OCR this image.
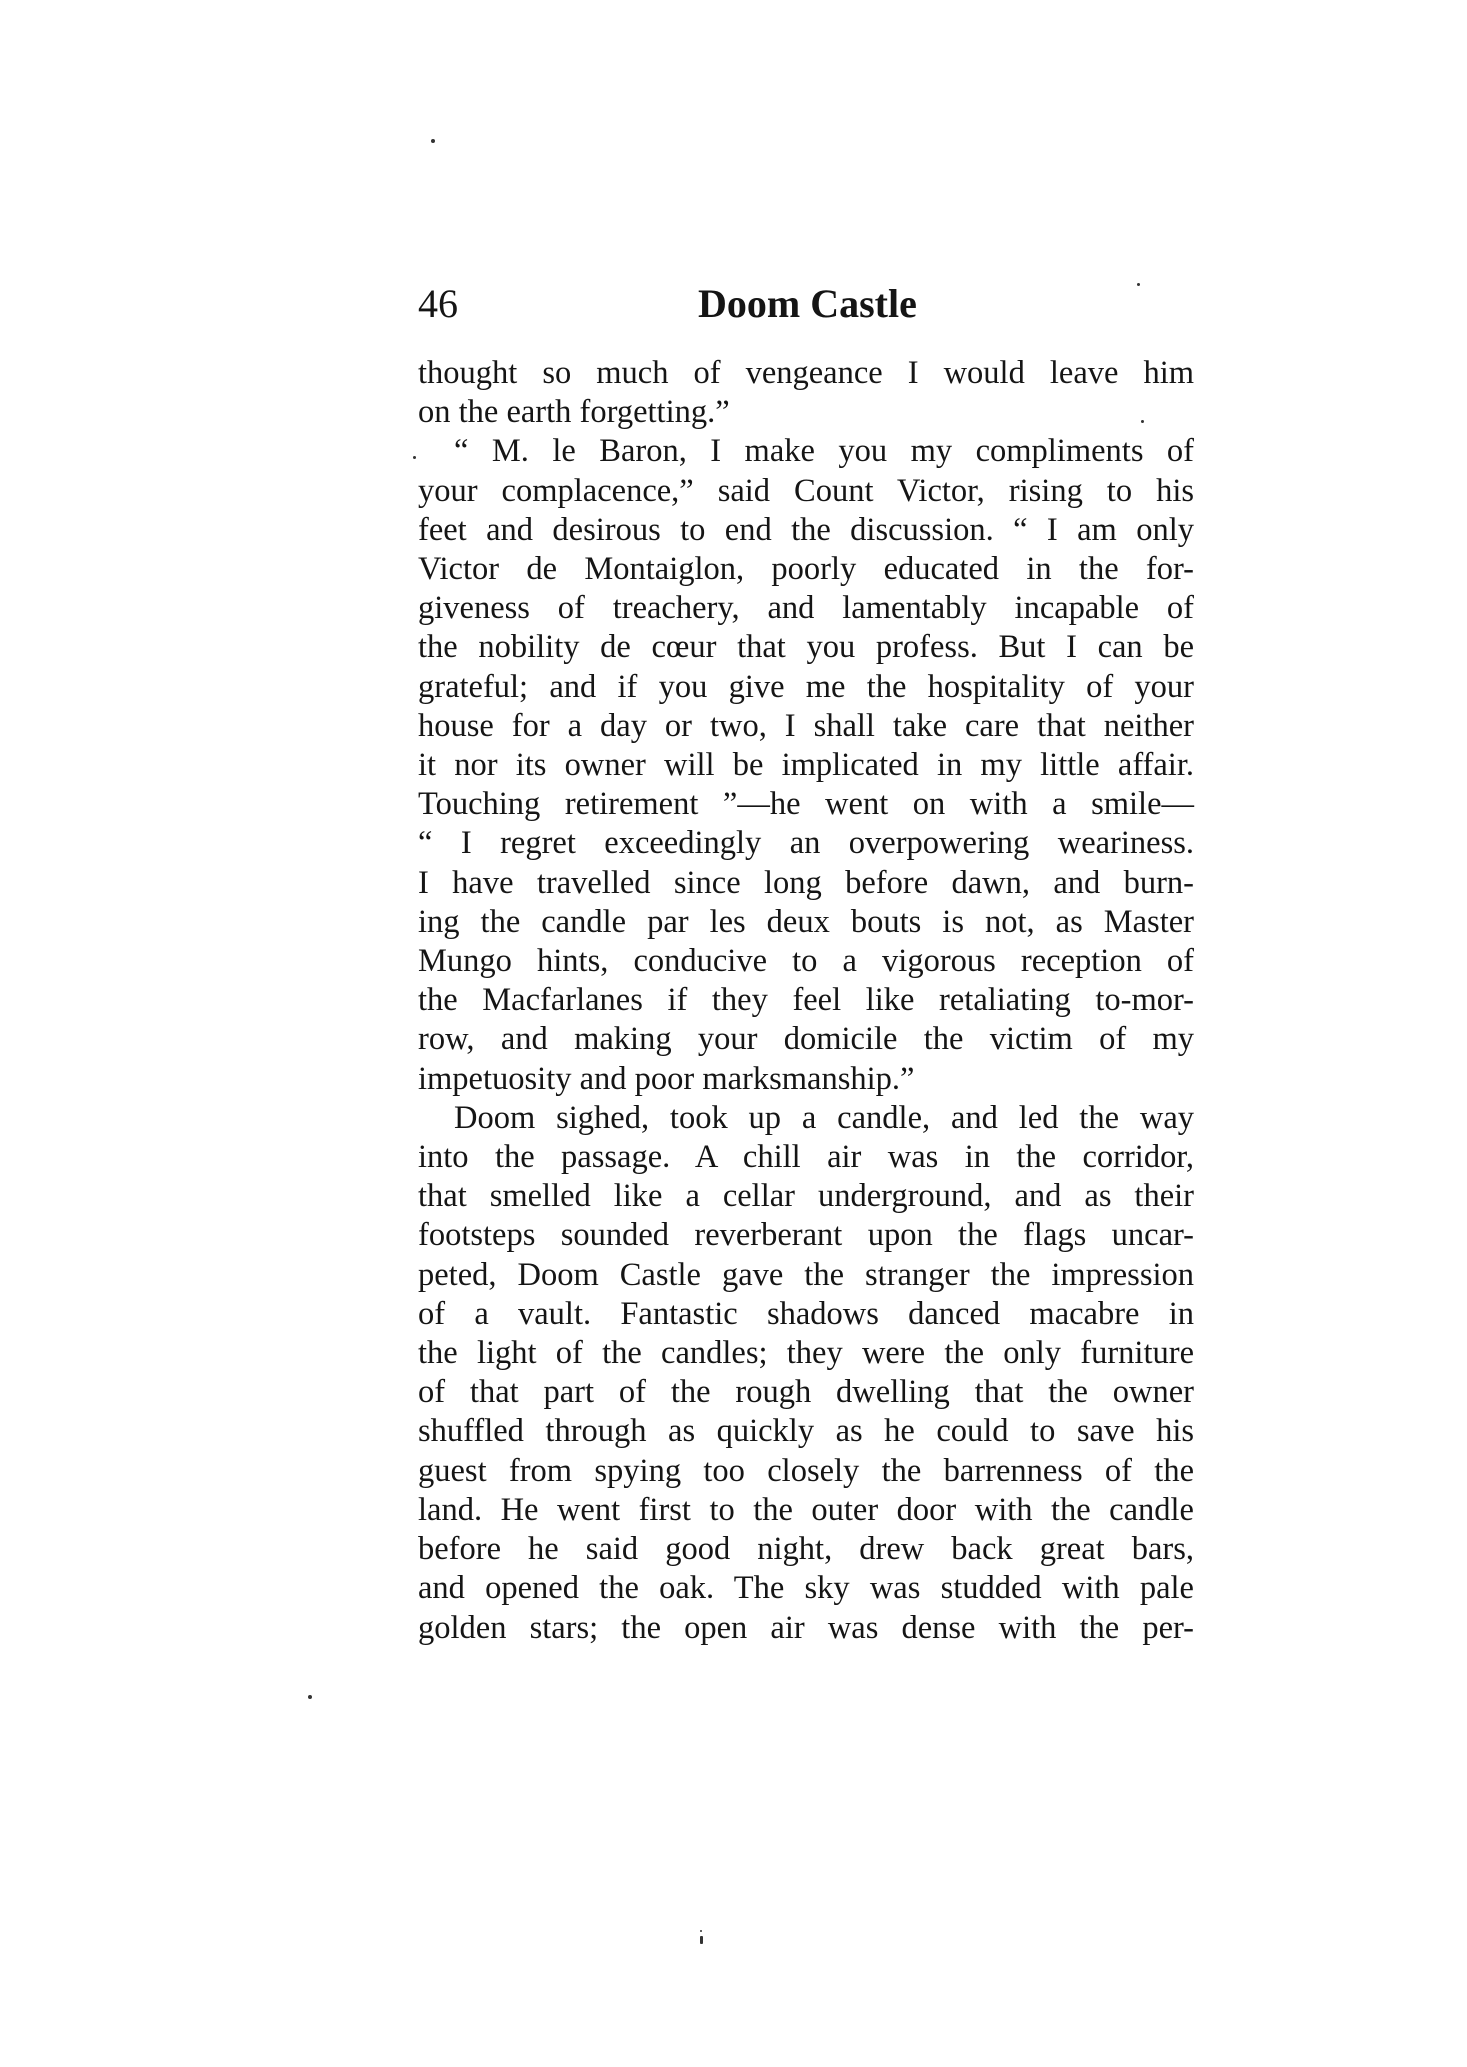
46	Doom Castle
thought so much of vengeance I would leave him
on the earth forgetting.”
“ M. le Baron, I make you my compliments of
your complacence,” said Count Victor, rising to his
feet and desirous to end the discussion. “ I am only
Victor de Montaiglon, poorly educated in the for-
giveness of treachery, and lamentably incapable of
the nobility de cœur that you profess. But I can be
grateful; and if you give me the hospitality of your
house for a day or two, I shall take care that neither
it nor its owner will be implicated in my little affair.
Touching retirement ”—he went on with a smile—
“ I regret exceedingly an overpowering weariness.
I have travelled since long before dawn, and burn-
ing the candle par les deux bouts is not, as Master
Mungo hints, conducive to a vigorous reception of
the Macfarlanes if they feel like retaliating to-mor-
row, and making your domicile the victim of my
impetuosity and poor marksmanship.”
Doom sighed, took up a candle, and led the way
into the passage. A chill air was in the corridor,
that smelled like a cellar underground, and as their
footsteps sounded reverberant upon the flags uncar-
peted, Doom Castle gave the stranger the impression
of a vault. Fantastic shadows danced macabre in
the light of the candles; they were the only furniture
of that part of the rough dwelling that the owner
shuffled through as quickly as he could to save his
guest from spying too closely the barrenness of the
land. He went first to the outer door with the candle
before he said good night, drew back great bars,
and opened the oak. The sky was studded with pale
golden stars; the open air was dense with the per-
